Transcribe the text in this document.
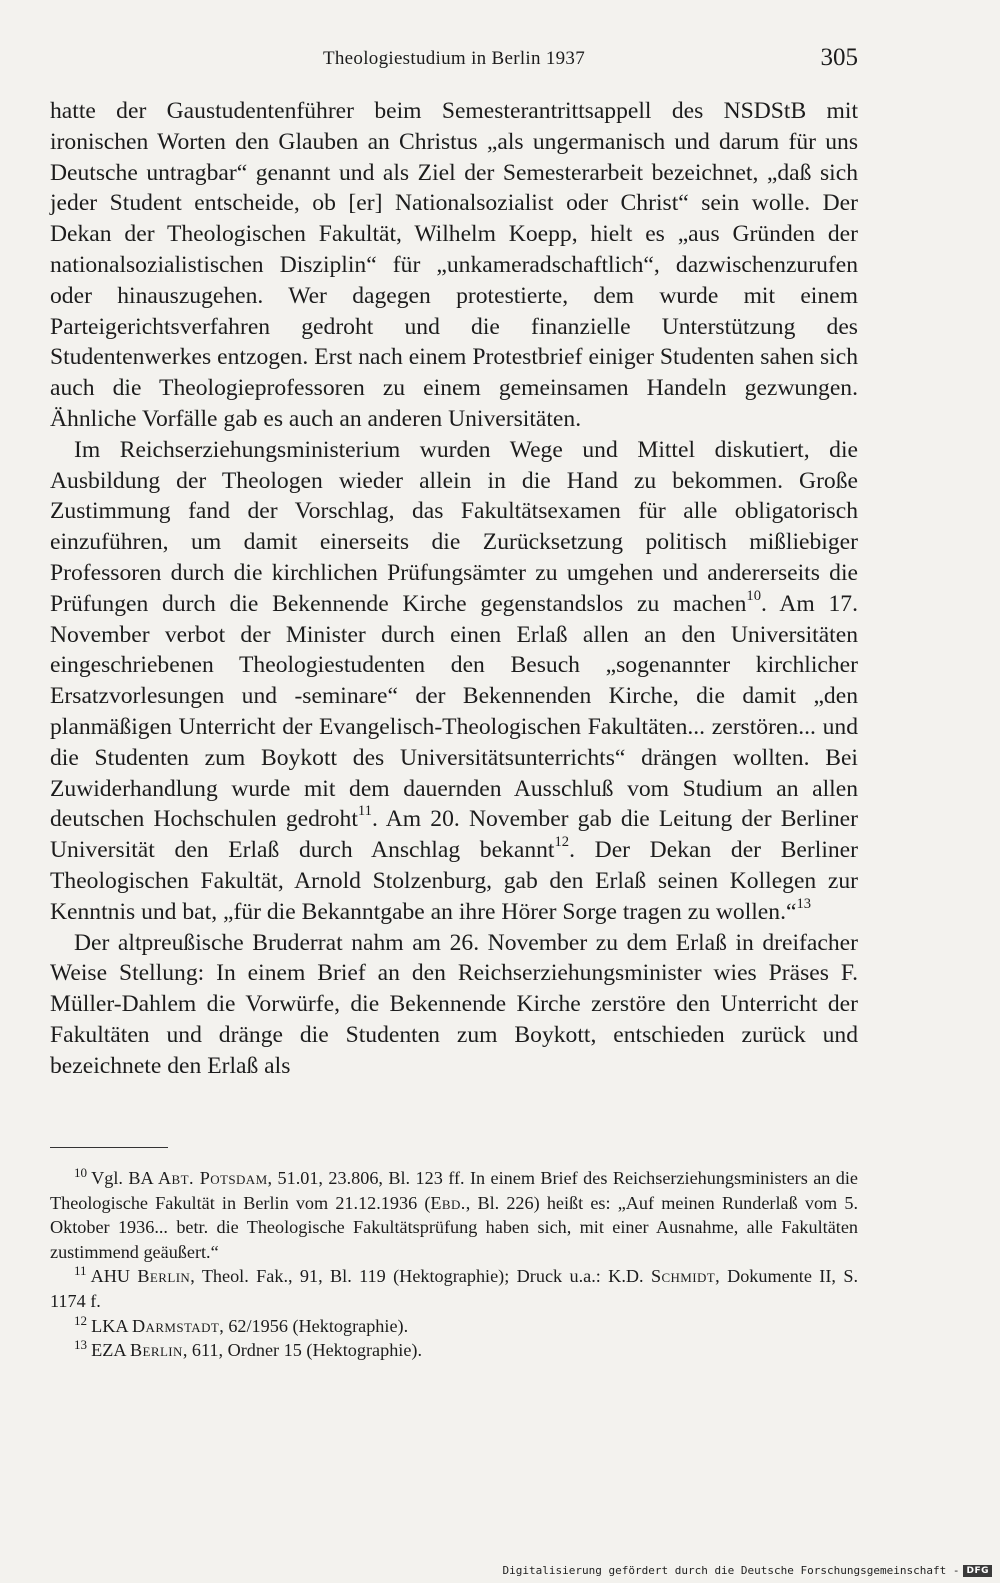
Theologiestudium in Berlin 1937	305

hatte der Gaustudentenführer beim Semesterantrittsappell des NSDStB mit ironischen Worten den Glauben an Christus „als ungermanisch und darum für uns Deutsche untragbar“ genannt und als Ziel der Semesterarbeit bezeichnet, „daß sich jeder Student entscheide, ob [er] Nationalsozialist oder Christ“ sein wolle. Der Dekan der Theologischen Fakultät, Wilhelm Koepp, hielt es „aus Gründen der nationalsozialistischen Disziplin“ für „unkameradschaftlich“, dazwischenzurufen oder hinauszugehen. Wer dagegen protestierte, dem wurde mit einem Parteigerichtsverfahren gedroht und die finanzielle Unterstützung des Studentenwerkes entzogen. Erst nach einem Protestbrief einiger Studenten sahen sich auch die Theologieprofessoren zu einem gemeinsamen Handeln gezwungen. Ähnliche Vorfälle gab es auch an anderen Universitäten.

Im Reichserziehungsministerium wurden Wege und Mittel diskutiert, die Ausbildung der Theologen wieder allein in die Hand zu bekommen. Große Zustimmung fand der Vorschlag, das Fakultätsexamen für alle obligatorisch einzuführen, um damit einerseits die Zurücksetzung politisch mißliebiger Professoren durch die kirchlichen Prüfungsämter zu umgehen und andererseits die Prüfungen durch die Bekennende Kirche gegenstandslos zu machen$^{10}$. Am 17. November verbot der Minister durch einen Erlaß allen an den Universitäten eingeschriebenen Theologiestudenten den Besuch „sogenannter kirchlicher Ersatzvorlesungen und -seminare“ der Bekennenden Kirche, die damit „den planmäßigen Unterricht der Evangelisch-Theologischen Fakultäten... zerstören... und die Studenten zum Boykott des Universitätsunterrichts“ drängen wollten. Bei Zuwiderhandlung wurde mit dem dauernden Ausschluß vom Studium an allen deutschen Hochschulen gedroht$^{11}$. Am 20. November gab die Leitung der Berliner Universität den Erlaß durch Anschlag bekannt$^{12}$. Der Dekan der Berliner Theologischen Fakultät, Arnold Stolzenburg, gab den Erlaß seinen Kollegen zur Kenntnis und bat, „für die Bekanntgabe an ihre Hörer Sorge tragen zu wollen.“$^{13}$

Der altpreußische Bruderrat nahm am 26. November zu dem Erlaß in dreifacher Weise Stellung: In einem Brief an den Reichserziehungsminister wies Präses F. Müller-Dahlem die Vorwürfe, die Bekennende Kirche zerstöre den Unterricht der Fakultäten und dränge die Studenten zum Boykott, entschieden zurück und bezeichnete den Erlaß als

$^{10}$ Vgl. BA Abt. Potsdam, 51.01, 23.806, Bl. 123 ff. In einem Brief des Reichserziehungsministers an die Theologische Fakultät in Berlin vom 21.12.1936 (Ebd., Bl. 226) heißt es: „Auf meinen Runderlaß vom 5. Oktober 1936... betr. die Theologische Fakultätsprüfung haben sich, mit einer Ausnahme, alle Fakultäten zustimmend geäußert.“

$^{11}$ AHU Berlin, Theol. Fak., 91, Bl. 119 (Hektographie); Druck u.a.: K.D. Schmidt, Dokumente II, S. 1174 f.

$^{12}$ LKA Darmstadt, 62/1956 (Hektographie).

$^{13}$ EZA Berlin, 611, Ordner 15 (Hektographie).

Digitalisierung gefördert durch die Deutsche Forschungsgemeinschaft - DFG
